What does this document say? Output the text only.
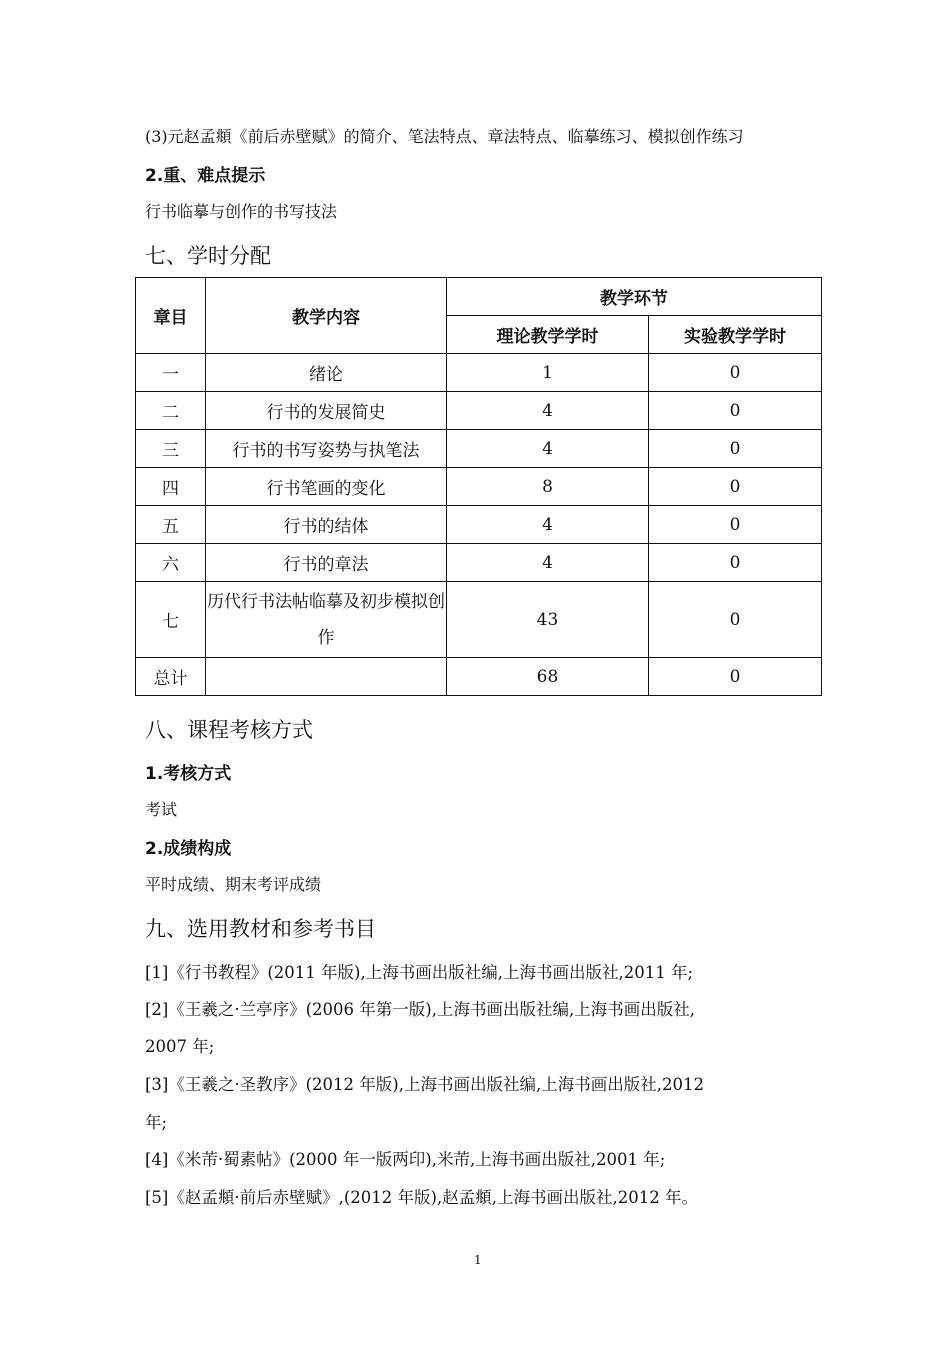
(3)元赵孟頫《前后赤壁赋》的简介、笔法特点、章法特点、临摹练习、模拟创作练习
2.重、难点提示
行书临摹与创作的书写技法
七、学时分配
章目	教学内容	教学环节	
		理论教学学时	实验教学学时
一	绪论	1	0
二	行书的发展简史	4	0
三	行书的书写姿势与执笔法	4	0
四	行书笔画的变化	8	0
五	行书的结体	4	0
六	行书的章法	4	0
七	历代行书法帖临摹及初步模拟创作	43	0
总计		68	0
八、课程考核方式
1.考核方式
考试
2.成绩构成
平时成绩、期末考评成绩
九、选用教材和参考书目
[1]《行书教程》(2011 年版),上海书画出版社编,上海书画出版社,2011 年;
[2]《王羲之·兰亭序》(2006 年第一版),上海书画出版社编,上海书画出版社,
2007 年;
[3]《王羲之·圣教序》(2012 年版),上海书画出版社编,上海书画出版社,2012
年;
[4]《米芾·蜀素帖》(2000 年一版两印),米芾,上海书画出版社,2001 年;
[5]《赵孟頫·前后赤壁赋》,(2012 年版),赵孟頫,上海书画出版社,2012 年。
1
